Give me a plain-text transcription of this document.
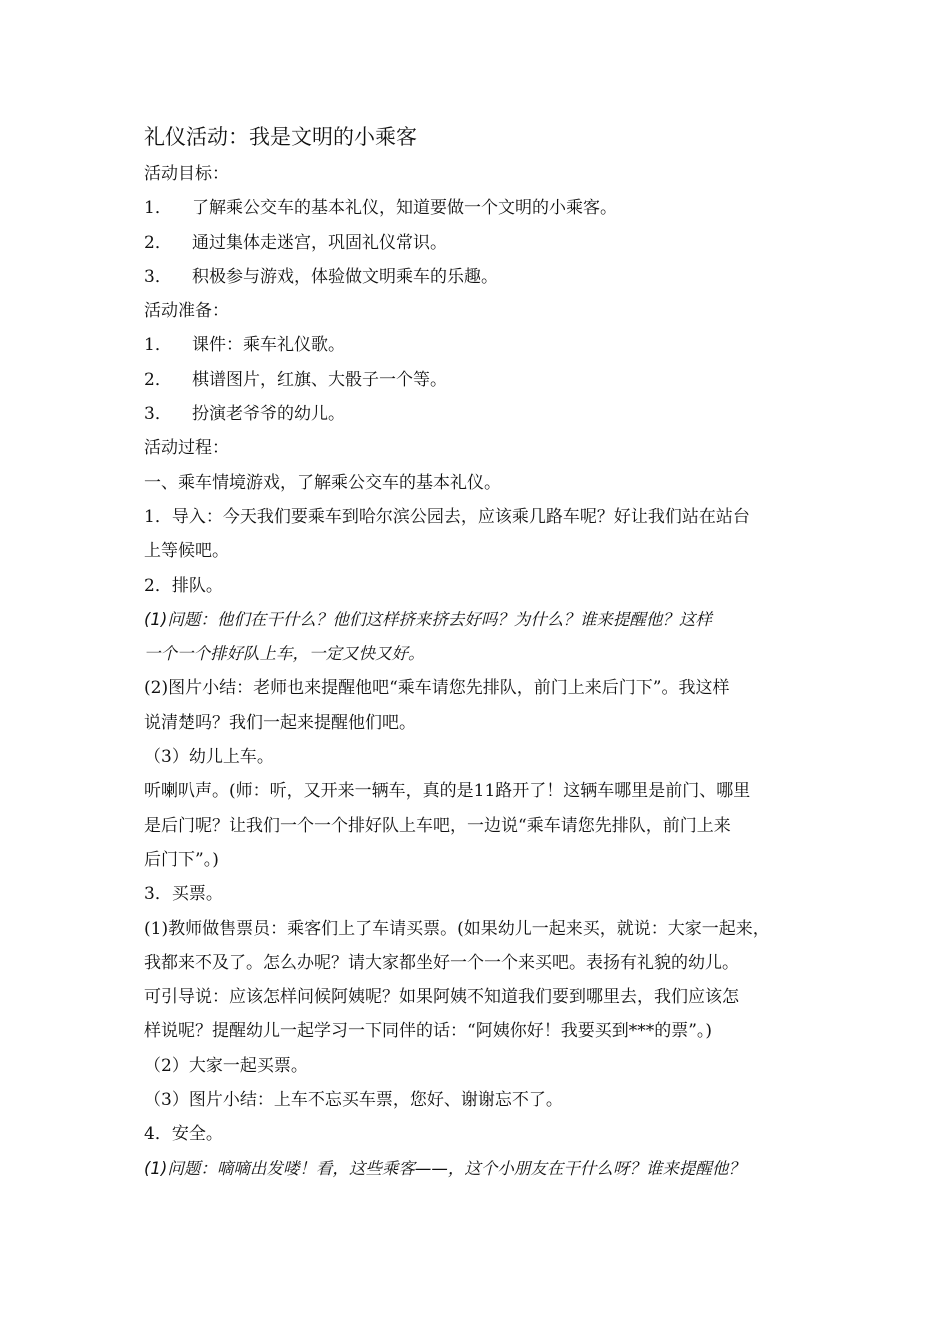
礼仪活动：我是文明的小乘客
活动目标：
1． 了解乘公交车的基本礼仪，知道要做一个文明的小乘客。
2． 通过集体走迷宫，巩固礼仪常识。
3． 积极参与游戏，体验做文明乘车的乐趣。
活动准备：
1． 课件：乘车礼仪歌。
2． 棋谱图片，红旗、大骰子一个等。
3． 扮演老爷爷的幼儿。
活动过程：
一、乘车情境游戏，了解乘公交车的基本礼仪。
1．导入：今天我们要乘车到哈尔滨公园去，应该乘几路车呢？好让我们站在站台
上等候吧。
2．排队。
(1)问题：他们在干什么？他们这样挤来挤去好吗？为什么？谁来提醒他？这样
一个一个排好队上车，一定又快又好。
(2)图片小结：老师也来提醒他吧“乘车请您先排队，前门上来后门下”。我这样
说清楚吗？我们一起来提醒他们吧。
（3）幼儿上车。
听喇叭声。(师：听，又开来一辆车，真的是11路开了！这辆车哪里是前门、哪里
是后门呢？让我们一个一个排好队上车吧，一边说“乘车请您先排队，前门上来
后门下”。)
3．买票。
(1)教师做售票员：乘客们上了车请买票。(如果幼儿一起来买，就说：大家一起来，
我都来不及了。怎么办呢？请大家都坐好一个一个来买吧。表扬有礼貌的幼儿。
可引导说：应该怎样问候阿姨呢？如果阿姨不知道我们要到哪里去，我们应该怎
样说呢？提醒幼儿一起学习一下同伴的话：“阿姨你好！我要买到***的票”。)
（2）大家一起买票。
（3）图片小结：上车不忘买车票，您好、谢谢忘不了。
4．安全。
(1)问题：嘀嘀出发喽！看，这些乘客——，这个小朋友在干什么呀？谁来提醒他？
